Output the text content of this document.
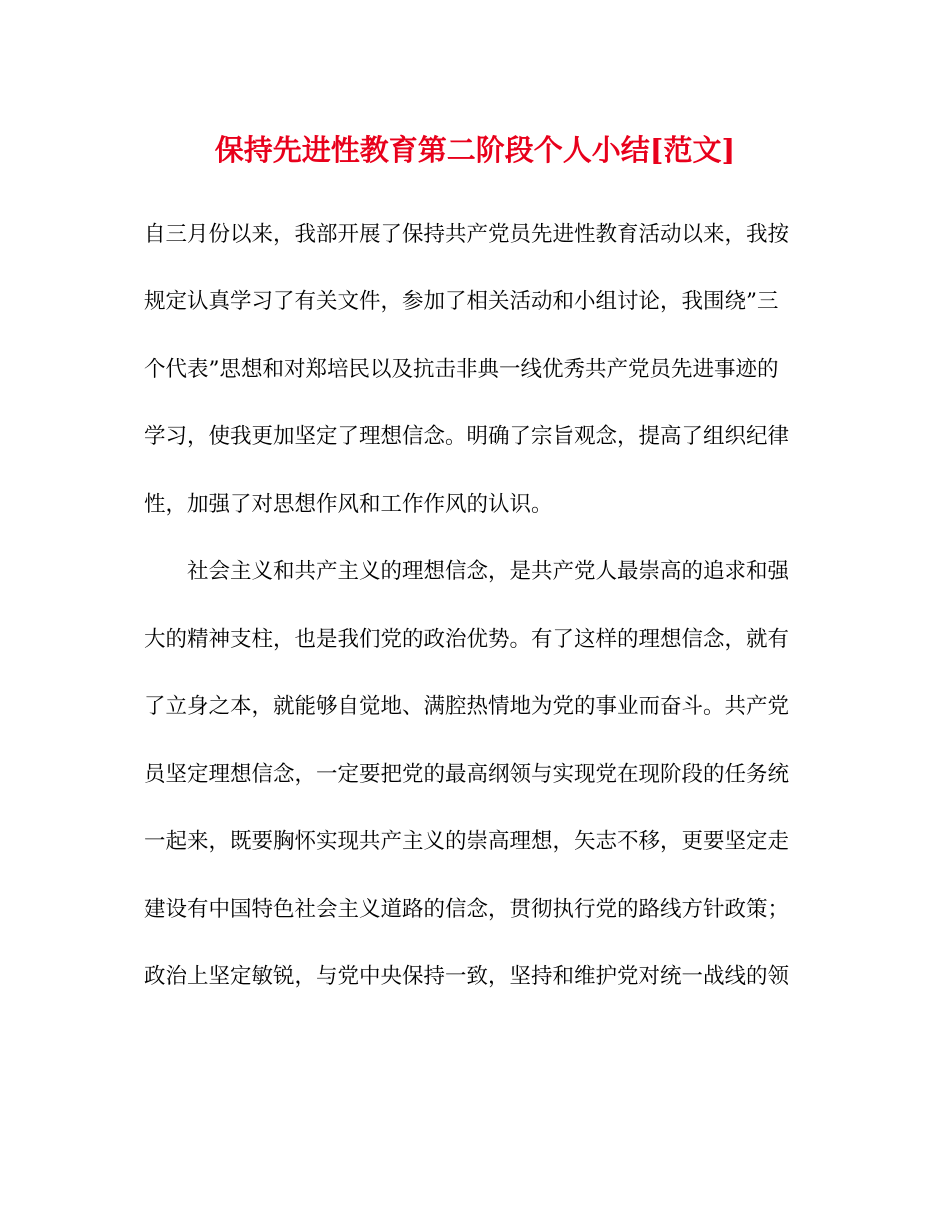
保持先进性教育第二阶段个人小结[范文]
自三月份以来，我部开展了保持共产党员先进性教育活动以来，我按
规定认真学习了有关文件，参加了相关活动和小组讨论，我围绕”三
个代表”思想和对郑培民以及抗击非典一线优秀共产党员先进事迹的
学习，使我更加坚定了理想信念。明确了宗旨观念，提高了组织纪律
性，加强了对思想作风和工作作风的认识。
社会主义和共产主义的理想信念，是共产党人最崇高的追求和强
大的精神支柱，也是我们党的政治优势。有了这样的理想信念，就有
了立身之本，就能够自觉地、满腔热情地为党的事业而奋斗。共产党
员坚定理想信念，一定要把党的最高纲领与实现党在现阶段的任务统
一起来，既要胸怀实现共产主义的崇高理想，矢志不移，更要坚定走
建设有中国特色社会主义道路的信念，贯彻执行党的路线方针政策；
政治上坚定敏锐，与党中央保持一致，坚持和维护党对统一战线的领
